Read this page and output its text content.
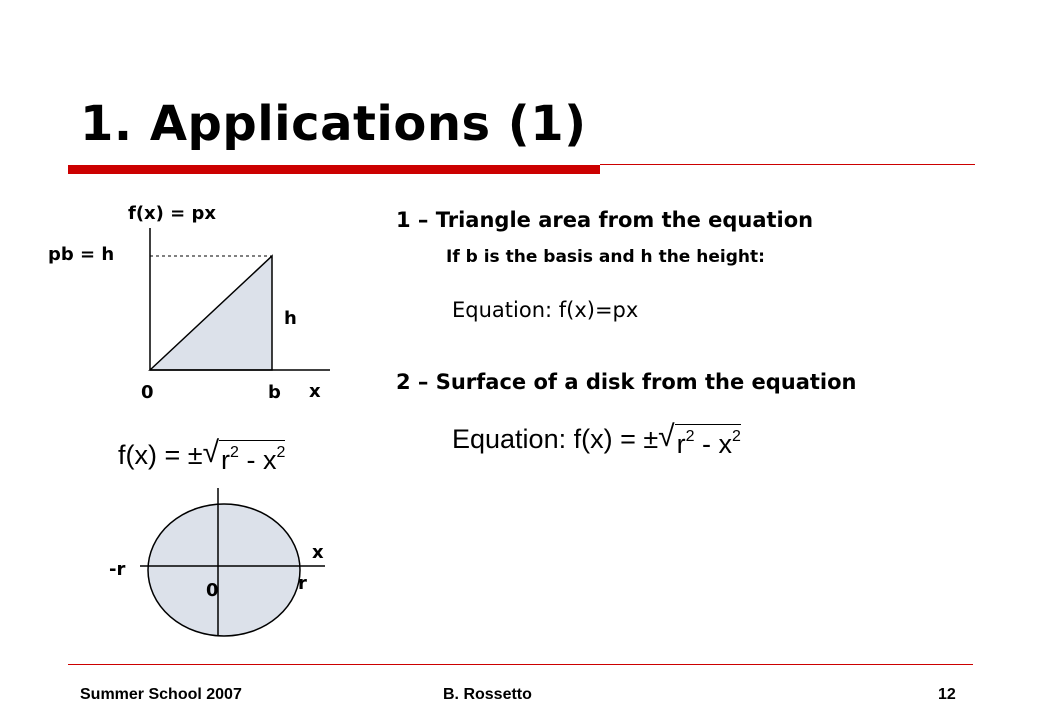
1. Applications (1)
f(x) = px
pb = h
h
0	b x
f(x) = ± √ $r^2 - x^2$
-r
r
0
x
1 – Triangle area from the equation
If b is the basis and h the height:
Equation: f(x)=px
2 – Surface of a disk from the equation
Equation: f(x) = ± √ $r^2 - x^2$
Summer School 2007	B. Rossetto	12
